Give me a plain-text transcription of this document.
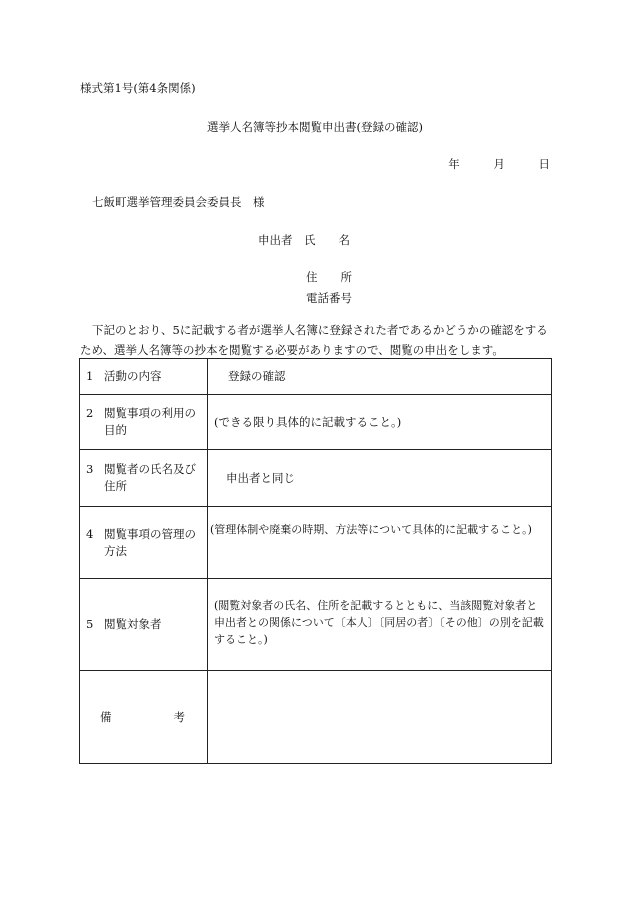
様式第1号(第4条関係)
選挙人名簿等抄本閲覧申出書(登録の確認)
年	月	日
七飯町選挙管理委員会委員長　様
申出者　氏　　名
住　　所
電話番号
下記のとおり、5に記載する者が選挙人名簿に登録された者であるかどうかの確認をするため、選挙人名簿等の抄本を閲覧する必要がありますので、閲覧の申出をします。
1 活動の内容	登録の確認
2 閲覧事項の利用の目的	(できる限り具体的に記載すること。)
3 閲覧者の氏名及び住所	申出者と同じ
4 閲覧事項の管理の方法	(管理体制や廃棄の時期、方法等について具体的に記載すること。)
5 閲覧対象者	(閲覧対象者の氏名、住所を記載するとともに、当該閲覧対象者と申出者との関係について〔本人〕〔同居の者〕〔その他〕の別を記載すること。)

備 考	
